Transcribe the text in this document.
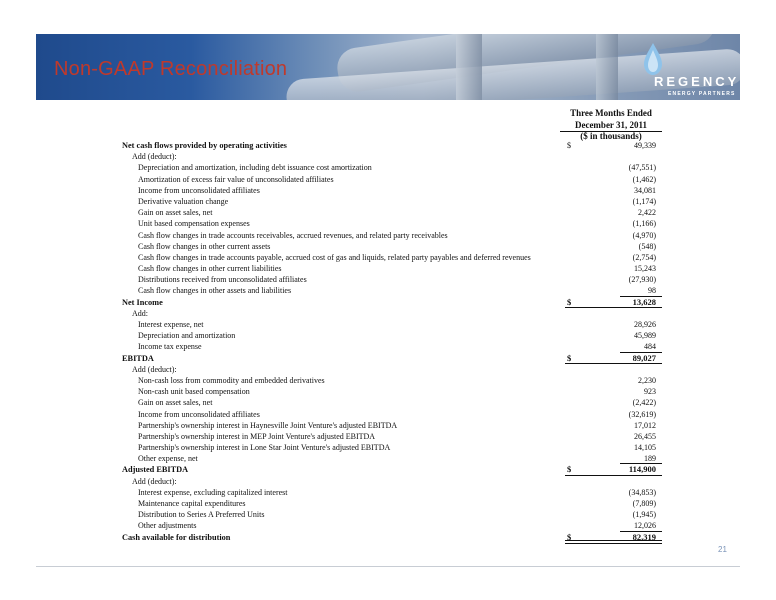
Non-GAAP Reconciliation
REGENCY
ENERGY PARTNERS
Three Months Ended
December 31, 2011
($ in thousands)
Net cash flows provided by operating activities	$	49,339
Add (deduct):
Depreciation and amortization, including debt issuance cost amortization	(47,551)
Amortization of excess fair value of unconsolidated affiliates	(1,462)
Income from unconsolidated affiliates	34,081
Derivative valuation change	(1,174)
Gain on asset sales, net	2,422
Unit based compensation expenses	(1,166)
Cash flow changes in trade accounts receivables, accrued revenues, and related party receivables	(4,970)
Cash flow changes in other current assets	(548)
Cash flow changes in trade accounts payable, accrued cost of gas and liquids, related party payables and deferred revenues	(2,754)
Cash flow changes in other current liabilities	15,243
Distributions received from unconsolidated affiliates	(27,930)
Cash flow changes in other assets and liabilities	98
Net Income	$	13,628
Add:
Interest expense, net	28,926
Depreciation and amortization	45,989
Income tax expense	484
EBITDA	$	89,027
Add (deduct):
Non-cash loss from commodity and embedded derivatives	2,230
Non-cash unit based compensation	923
Gain on asset sales, net	(2,422)
Income from unconsolidated affiliates	(32,619)
Partnership's ownership interest in Haynesville Joint Venture's adjusted EBITDA	17,012
Partnership's ownership interest in MEP Joint Venture's adjusted EBITDA	26,455
Partnership's ownership interest in Lone Star Joint Venture's adjusted EBITDA	14,105
Other expense, net	189
Adjusted EBITDA	$	114,900
Add (deduct):
Interest expense, excluding capitalized interest	(34,853)
Maintenance capital expenditures	(7,809)
Distribution to Series A Preferred Units	(1,945)
Other adjustments	12,026
Cash available for distribution	$	82,319
21
